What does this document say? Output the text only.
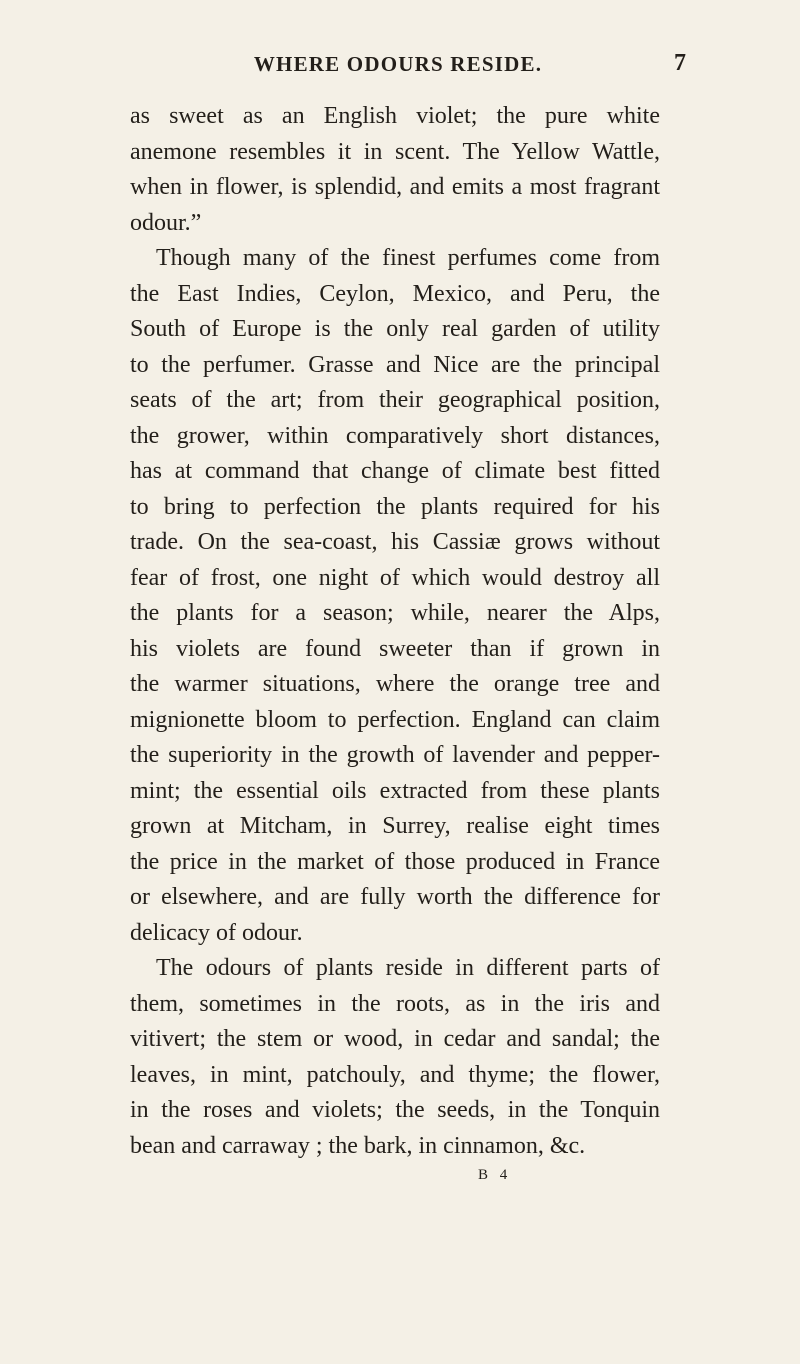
WHERE ODOURS RESIDE.	7
as sweet as an English violet; the pure white
anemone resembles it in scent. The Yellow Wattle,
when in flower, is splendid, and emits a most fragrant
odour.”
Though many of the finest perfumes come from
the East Indies, Ceylon, Mexico, and Peru, the
South of Europe is the only real garden of utility
to the perfumer. Grasse and Nice are the principal
seats of the art; from their geographical position,
the grower, within comparatively short distances,
has at command that change of climate best fitted
to bring to perfection the plants required for his
trade. On the sea-coast, his Cassiæ grows without
fear of frost, one night of which would destroy all
the plants for a season; while, nearer the Alps,
his violets are found sweeter than if grown in
the warmer situations, where the orange tree and
mignionette bloom to perfection. England can claim
the superiority in the growth of lavender and pepper-
mint; the essential oils extracted from these plants
grown at Mitcham, in Surrey, realise eight times
the price in the market of those produced in France
or elsewhere, and are fully worth the difference for
delicacy of odour.
The odours of plants reside in different parts of
them, sometimes in the roots, as in the iris and
vitivert; the stem or wood, in cedar and sandal; the
leaves, in mint, patchouly, and thyme; the flower,
in the roses and violets; the seeds, in the Tonquin
bean and carraway ; the bark, in cinnamon, &c.
B 4
